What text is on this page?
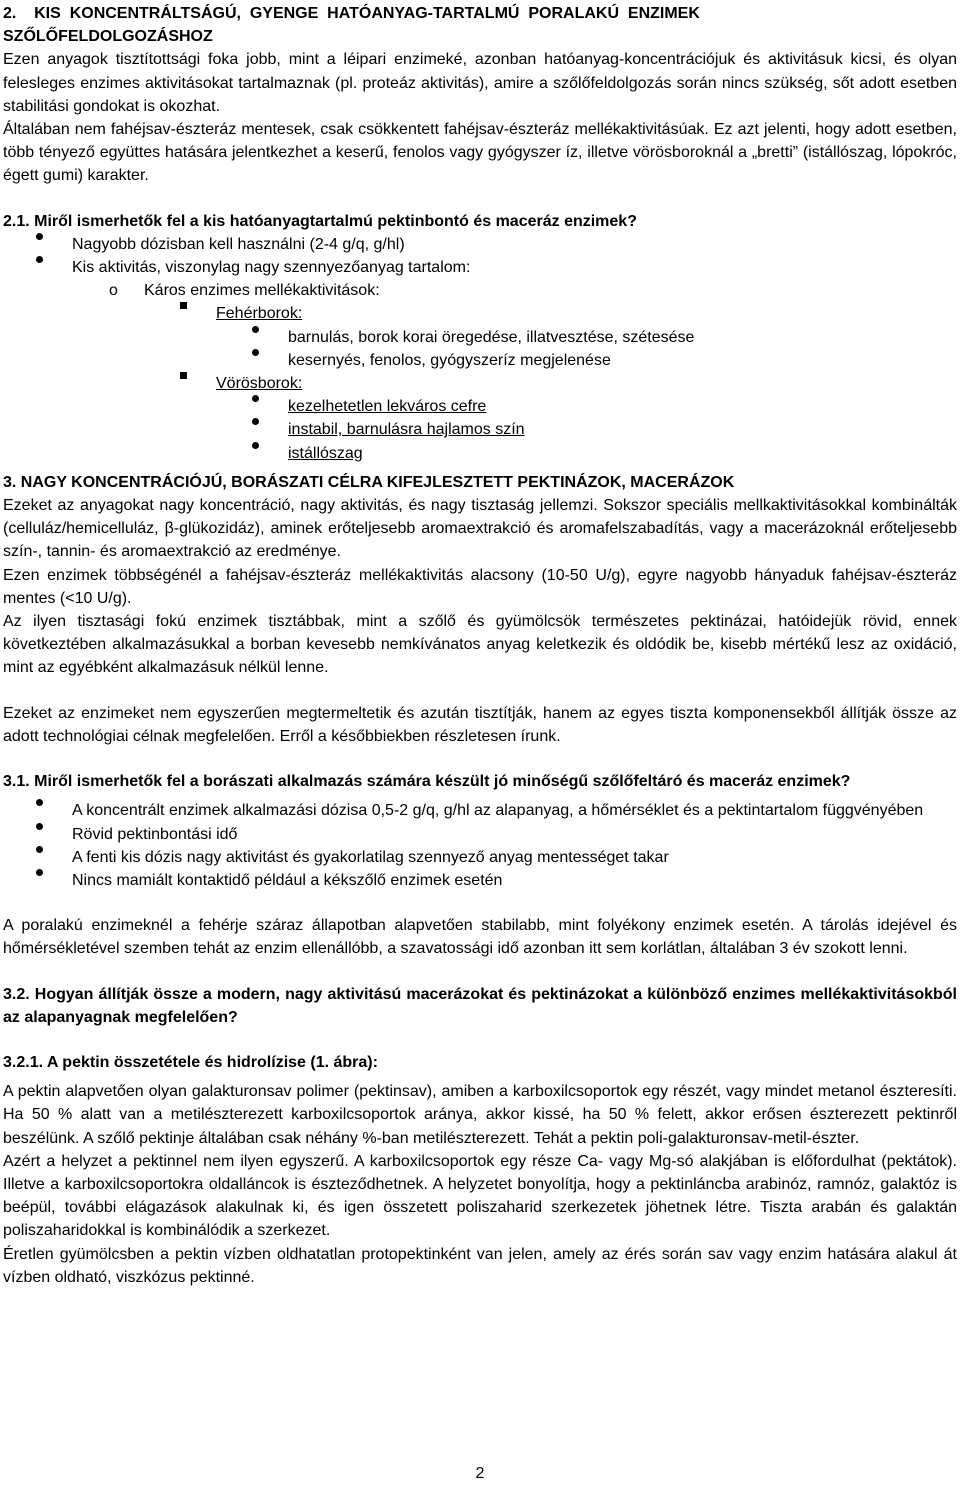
2.    KIS  KONCENTRÁLTSÁGÚ,  GYENGE  HATÓANYAG-TARTALMÚ  PORALAKÚ  ENZIMEK
SZŐLŐFELDOLGOZÁSHOZ
Ezen anyagok tisztítottsági foka jobb, mint a léipari enzimeké, azonban hatóanyag-koncentrációjuk és aktivitásuk kicsi, és olyan felesleges enzimes aktivitásokat tartalmaznak (pl. proteáz aktivitás), amire a szőlőfeldolgozás során nincs szükség, sőt adott esetben stabilitási gondokat is okozhat.
Általában nem fahéjsav-észteráz mentesek, csak csökkentett fahéjsav-észteráz mellékaktivitásúak. Ez azt jelenti, hogy adott esetben, több tényező együttes hatására jelentkezhet a keserű, fenolos vagy gyógyszer íz, illetve vörösboroknál a „bretti” (istállószag, lópokróc, égett gumi) karakter.
2.1. Miről ismerhetők fel a kis hatóanyagtartalmú pektinbontó és maceráz enzimek?
Nagyobb dózisban kell használni (2-4 g/q, g/hl)
Kis aktivitás, viszonylag nagy szennyezőanyag tartalom:
o Káros enzimes mellékaktivitások:
Fehérborok:
barnulás, borok korai öregedése, illatvesztése, szétesése
kesernyés, fenolos, gyógyszeríz megjelenése
Vörösborok:
kezelhetetlen lekváros cefre
instabil, barnulásra hajlamos szín
istállószag
3. NAGY KONCENTRÁCIÓJÚ, BORÁSZATI CÉLRA KIFEJLESZTETT PEKTINÁZOK, MACERÁZOK
Ezeket az anyagokat nagy koncentráció, nagy aktivitás, és nagy tisztaság jellemzi. Sokszor speciális mellkaktivitásokkal kombinálták (celluláz/hemicelluláz, β-glükozidáz), aminek erőteljesebb aromaextrakció és aromafelszabadítás, vagy a macerázoknál erőteljesebb szín-, tannin- és aromaextrakció az eredménye.
Ezen enzimek többségénél a fahéjsav-észteráz mellékaktivitás alacsony (10-50 U/g), egyre nagyobb hányaduk fahéjsav-észteráz mentes (<10 U/g).
Az ilyen tisztasági fokú enzimek tisztábbak, mint a szőlő és gyümölcsök természetes pektinázai, hatóidejük rövid, ennek következtében alkalmazásukkal a borban kevesebb nemkívánatos anyag keletkezik és oldódik be, kisebb mértékű lesz az oxidáció, mint az egyébként alkalmazásuk nélkül lenne.
Ezeket az enzimeket nem egyszerűen megtermeltetik és azután tisztítják, hanem az egyes tiszta komponensekből állítják össze az adott technológiai célnak megfelelően. Erről a későbbiekben részletesen írunk.
3.1. Miről ismerhetők fel a borászati alkalmazás számára készült jó minőségű szőlőfeltáró és maceráz enzimek?
A koncentrált enzimek alkalmazási dózisa 0,5-2 g/q, g/hl az alapanyag, a hőmérséklet és a pektintartalom függvényében
Rövid pektinbontási idő
A fenti kis dózis nagy aktivitást és gyakorlatilag szennyező anyag mentességet takar
Nincs mamiált kontaktidő például a kékszőlő enzimek esetén
A poralakú enzimeknél a fehérje száraz állapotban alapvetően stabilabb, mint folyékony enzimek esetén. A tárolás idejével és hőmérsékletével szemben tehát az enzim ellenállóbb, a szavatossági idő azonban itt sem korlátlan, általában 3 év szokott lenni.
3.2. Hogyan állítják össze a modern, nagy aktivitású macerázokat és pektinázokat a különböző enzimes mellékaktivitásokból az alapanyagnak megfelelően?
3.2.1. A pektin összetétele és hidrolízise (1. ábra):
A pektin alapvetően olyan galakturonsav polimer (pektinsav), amiben a karboxilcsoportok egy részét, vagy mindet metanol észteresíti. Ha 50 % alatt van a metilészterezett karboxilcsoportok aránya, akkor kissé, ha 50 % felett, akkor erősen észterezett pektinről beszélünk. A szőlő pektinje általában csak néhány %-ban metilészterezett. Tehát a pektin poli-galakturonsav-metil-észter.
Azért a helyzet a pektinnel nem ilyen egyszerű. A karboxilcsoportok egy része Ca- vagy Mg-só alakjában is előfordulhat (pektátok). Illetve a karboxilcsoportokra oldalláncok is észteződhetnek. A helyzetet bonyolítja, hogy a pektinláncba arabinóz, ramnóz, galaktóz is beépül, további elágazások alakulnak ki, és igen összetett poliszaharid szerkezetek jöhetnek létre. Tiszta arabán és galaktán poliszaharidokkal is kombinálódik a szerkezet.
Éretlen gyümölcsben a pektin vízben oldhatatlan protopektinként van jelen, amely az érés során sav vagy enzim hatására alakul át vízben oldható, viszkózus pektinné.
2
